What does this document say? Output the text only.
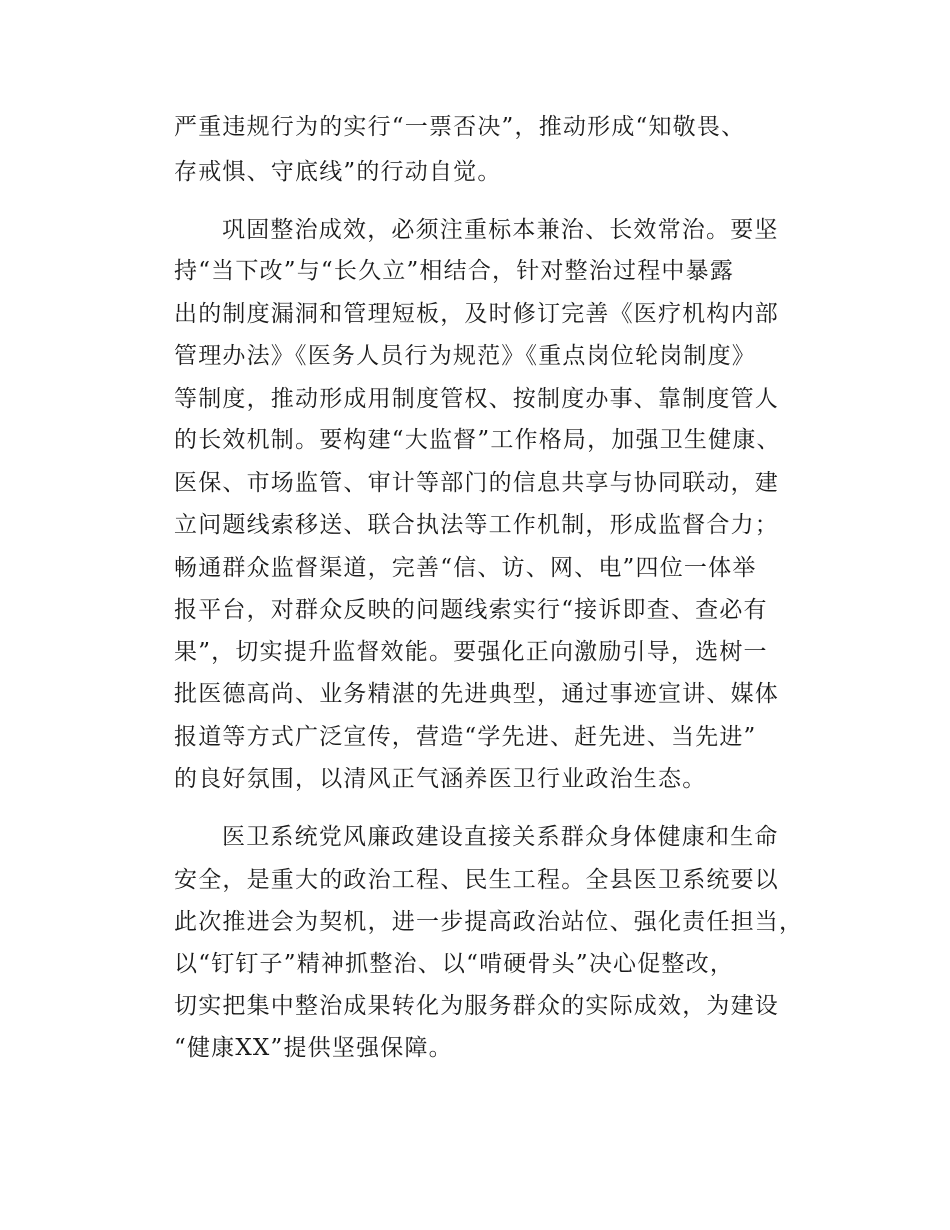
严重违规行为的实行“一票否决”，推动形成“知敬畏、
存戒惧、守底线”的行动自觉。
巩固整治成效，必须注重标本兼治、长效常治。要坚
持“当下改”与“长久立”相结合，针对整治过程中暴露
出的制度漏洞和管理短板，及时修订完善《医疗机构内部
管理办法》《医务人员行为规范》《重点岗位轮岗制度》
等制度，推动形成用制度管权、按制度办事、靠制度管人
的长效机制。要构建“大监督”工作格局，加强卫生健康、
医保、市场监管、审计等部门的信息共享与协同联动，建
立问题线索移送、联合执法等工作机制，形成监督合力；
畅通群众监督渠道，完善“信、访、网、电”四位一体举
报平台，对群众反映的问题线索实行“接诉即查、查必有
果”，切实提升监督效能。要强化正向激励引导，选树一
批医德高尚、业务精湛的先进典型，通过事迹宣讲、媒体
报道等方式广泛宣传，营造“学先进、赶先进、当先进”
的良好氛围，以清风正气涵养医卫行业政治生态。
医卫系统党风廉政建设直接关系群众身体健康和生命
安全，是重大的政治工程、民生工程。全县医卫系统要以
此次推进会为契机，进一步提高政治站位、强化责任担当，
以“钉钉子”精神抓整治、以“啃硬骨头”决心促整改，
切实把集中整治成果转化为服务群众的实际成效，为建设
“健康XX”提供坚强保障。
